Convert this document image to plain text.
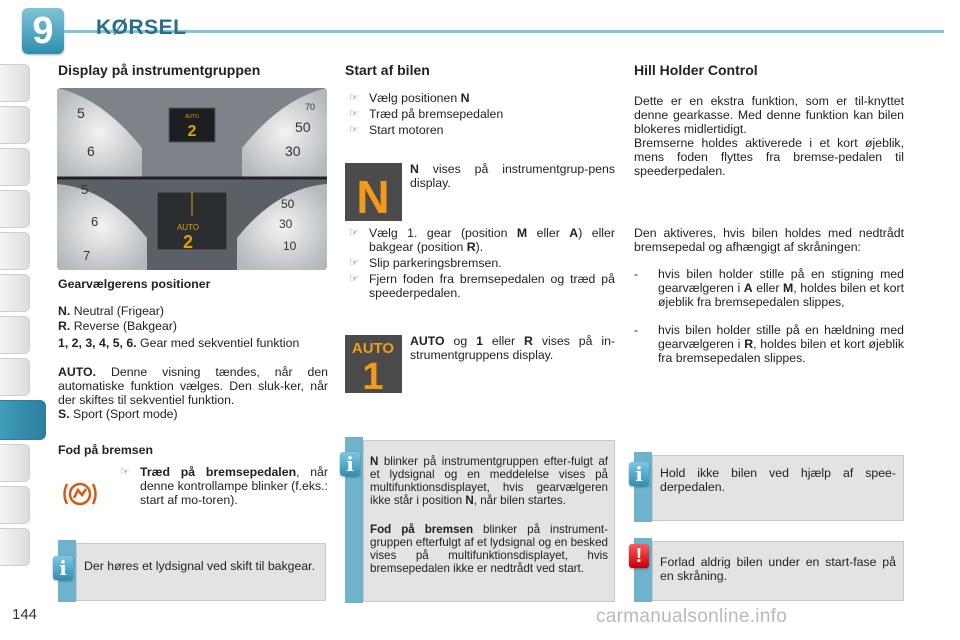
9	KØRSEL
Display på instrumentgruppen
AUTO
2
5
6
70
50
30
AUTO
2
5
6
7
50
30
10
Gearvælgerens positioner
N. Neutral (Frigear)
R. Reverse (Bakgear)
1, 2, 3, 4, 5, 6. Gear med sekventiel funktion
AUTO. Denne visning tændes, når den automatiske funktion vælges. Den sluk-ker, når der skiftes til sekventiel funktion.
S. Sport (Sport mode)
Fod på bremsen
☞ Træd på bremsepedalen, når denne kontrollampe blinker (f.eks.: start af mo-toren).
i	Der høres et lydsignal ved skift til bakgear.
Start af bilen
☞ Vælg positionen N
☞ Træd på bremsepedalen
☞ Start motoren
N
N vises på instrumentgrup-pens display.
☞ Vælg 1. gear (position M eller A) eller bakgear (position R).
☞ Slip parkeringsbremsen.
☞ Fjern foden fra bremsepedalen og træd på speederpedalen.
AUTO
1
AUTO og 1 eller R vises på in-strumentgruppens display.
i	N blinker på instrumentgruppen efter-fulgt af et lydsignal og en meddelelse vises på multifunktionsdisplayet, hvis gearvælgeren ikke står i position N, når bilen startes.
Fod på bremsen blinker på instrument-gruppen efterfulgt af et lydsignal og en besked vises på multifunktionsdisplayet, hvis bremsepedalen ikke er nedtrådt ved start.
Hill Holder Control
Dette er en ekstra funktion, som er til-knyttet denne gearkasse. Med denne funktion kan bilen blokeres midlertidigt.
Bremserne holdes aktiverede i et kort øjeblik, mens foden flyttes fra bremse-pedalen til speederpedalen.
Den aktiveres, hvis bilen holdes med nedtrådt bremsepedal og afhængigt af skråningen:
- hvis bilen holder stille på en stigning med gearvælgeren i A eller M, holdes bilen et kort øjeblik fra bremsepedalen slippes,
- hvis bilen holder stille på en hældning med gearvælgeren i R, holdes bilen et kort øjeblik fra bremsepedalen slippes.
i	Hold ikke bilen ved hjælp af spee-derpedalen.
!	Forlad aldrig bilen under en start-fase på en skråning.
144	carmanualsonline.info
